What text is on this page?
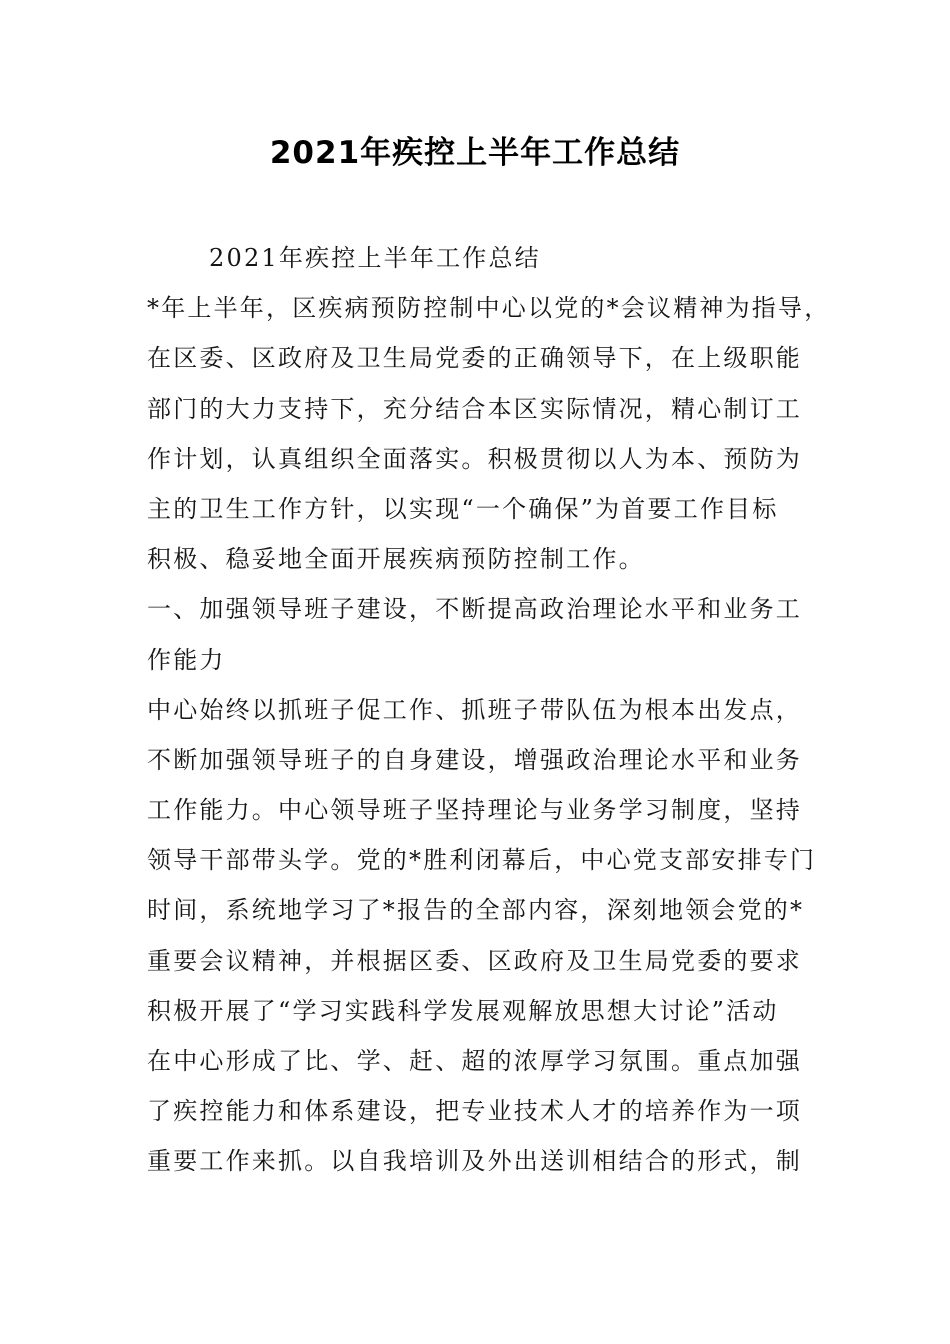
2021年疾控上半年工作总结
2021年疾控上半年工作总结
*年上半年，区疾病预防控制中心以党的*会议精神为指导，
在区委、区政府及卫生局党委的正确领导下，在上级职能
部门的大力支持下，充分结合本区实际情况，精心制订工
作计划，认真组织全面落实。积极贯彻以人为本、预防为
主的卫生工作方针，以实现“一个确保”为首要工作目标
积极、稳妥地全面开展疾病预防控制工作。
一、加强领导班子建设，不断提高政治理论水平和业务工
作能力
中心始终以抓班子促工作、抓班子带队伍为根本出发点，
不断加强领导班子的自身建设，增强政治理论水平和业务
工作能力。中心领导班子坚持理论与业务学习制度，坚持
领导干部带头学。党的*胜利闭幕后，中心党支部安排专门
时间，系统地学习了*报告的全部内容，深刻地领会党的*
重要会议精神，并根据区委、区政府及卫生局党委的要求
积极开展了“学习实践科学发展观解放思想大讨论”活动
在中心形成了比、学、赶、超的浓厚学习氛围。重点加强
了疾控能力和体系建设，把专业技术人才的培养作为一项
重要工作来抓。以自我培训及外出送训相结合的形式，制
